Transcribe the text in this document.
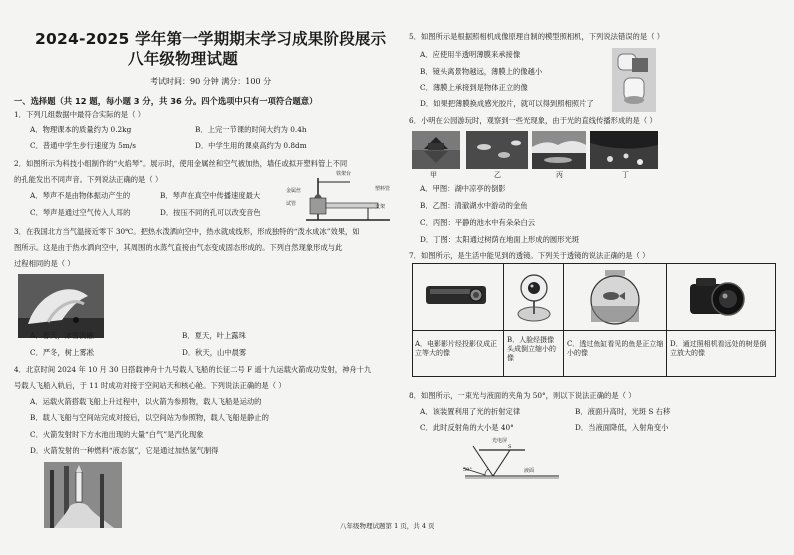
2024-2025 学年第一学期期末学习成果阶段展示
八年级物理试题
考试时间：90 分钟 满分：100 分
一、选择题（共 12 题，每小题 3 分，共 36 分。四个选项中只有一项符合题意）
1．下列几组数据中最符合实际的是（ ）
A．物理课本的质量约为 0.2kg	B．上完一节课的时间大约为 0.4h
C．普通中学生步行速度为 5m/s	D．中学生用的课桌高约为 0.8dm
2．如图所示为科技小组制作的“火焰琴”。展示时，使用金属丝和空气被加热，墙任或拟开塑料管上不同
的孔能发出不同声音。下列说法正确的是（ ）
A．琴声不是由物体振动产生的	B．琴声在真空中传播速度最大
C．琴声是通过空气传入人耳的	D．按压不同的孔可以改变音色
铁架台
金属丝
试管
塑料管
支架
3．在我国北方当气温接近零下 30℃。把热水泼洒向空中，热水就成线形，形成独特的“泼水成冰”效果，如
图所示。这是由于热水洒向空中，其周围的水蒸气直接由气态变成固态形成的。下列自然现象形成与此
过程相同的是（ ）
A．春天，冰雪消融	B．夏天，叶上露珠
C．严冬，树上雾凇	D．秋天，山中晨雾
4．北京时间 2024 年 10 月 30 日搭载神舟十九号载人飞船的长征二号 F 遥十九运载火箭成功发射，神舟十九
号载人飞船入轨后，于 11 时成功对接于空间站天和核心舱。下列说法正确的是（ ）
A．运载火箭搭载飞船上升过程中，以火箭为参照物，载人飞船是运动的
B．载人飞船与空间站完成对接后，以空间站为参照物，载人飞船是静止的
C．火箭发射时下方水池出现的大量“白气”是汽化现象
D．火箭发射的一种燃料“液态氢”，它是通过加热氢气制得
5．如图所示是根据照相机成像原理自制的模型照相机，下列说法错误的是（ ）
A．应使用半透明薄膜来承接像
B．镜头离景物越远，薄膜上的像越小
C．薄膜上承接到是物体正立的像
D．如果把薄膜换成感光胶片，就可以得到照相照片了
6．小明在公园游玩时，观察到一些光现象，由于光的直线传播形成的是（ ）
甲	乙	丙	丁
A．甲图：湖中凉亭的倒影
B．乙图：清澈湖水中游动的金鱼
C．丙图：平静的池水中有朵朵白云
D．丁图：太阳通过树荫在地面上形成的圆形光斑
7．如图所示，是生活中能见到的透镜。下列关于透镜的说法正确的是（ ）
A．电影影片经投影仪成正立等大的像
B．人脸经摄像头成倒立缩小的像
C．透过鱼缸看见的鱼是正立缩小的像
D．通过照相机看远处的树是倒立放大的像
8．如图所示，一束光与液面的夹角为 50°，则以下说法正确的是（ ）
A．该装置利用了光的折射定律	B．液面升高时，光斑 S 右移
C．此时反射角的大小是 40°	D．当液面降低，入射角变小
光电屏
50°
S
液面
八年级物理试题第 1 页，共 4 页
